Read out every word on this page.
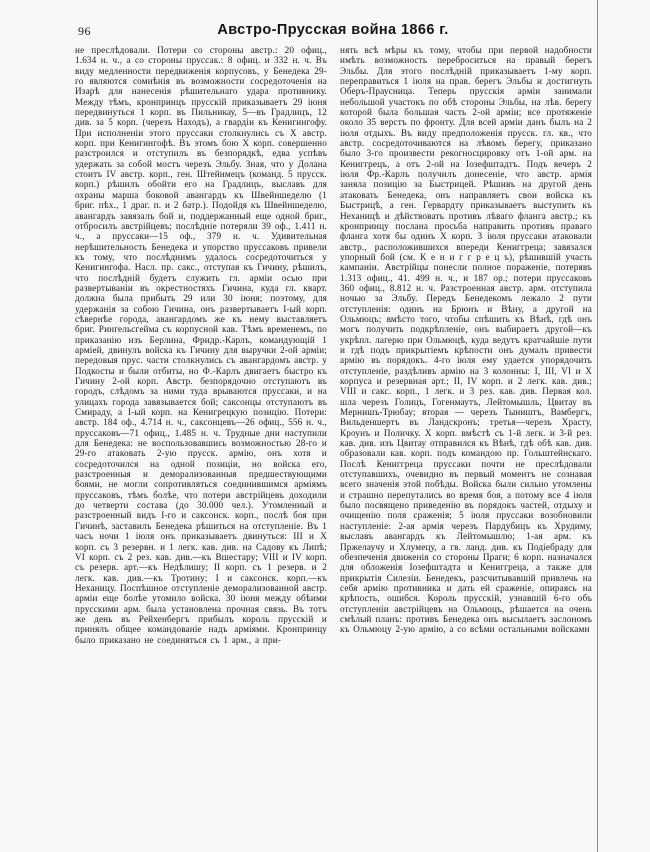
96	Австро-Прусская война 1866 г.
не преслѣдовали. Потери со стороны австр.: 20 офиц., 1.634 н. ч., а со стороны пруссак.: 8 офиц. и 332 н. ч. Въ виду медленности передвиженія корпусовъ, у Бенедека 29-го являются сомнѣнія въ возможности сосредоточенія на Изарѣ для нанесенія рѣшительнаго удара противнику. Между тѣмъ, кронпринцъ прусскій приказываетъ 29 іюня передвинуться 1 корп. въ Пильникау, 5—въ Градлицъ, 12 див. за 5 корп. (черезъ Находъ), а гвардіи къ Кенигингофу. При исполненіи этого пруссаки столкнулись съ X австр. корп. при Кенигингофѣ. Въ этомъ бою X корп. совершенно разстроился и отступилъ въ безпорядкѣ, едва успѣвъ удержать за собой мостъ черезъ Эльбу. Зная, что у Долана стоитъ IV австр. корп., ген. Штейнмецъ (команд. 5 прусск. корп.) рѣшилъ обойти его на Градлицъ, выславъ для охраны марша боковой авангардъ къ Швейншеделю (1 бриг. пѣх., 1 драг. п. и 2 батр.). Подойдя къ Швейншеделю, авангардъ завязалъ бой и, поддержанный еще одной бриг., отбросилъ австрійцевъ; послѣдніе потеряли 39 оф., 1.411 н. ч., а пруссаки—15 оф., 379 н. ч. Удивительная нерѣшительность Бенедека и упорство пруссаковъ привели къ тому, что послѣднимъ удалось сосредоточиться у Кенигингофа. Насл. пр. сакс., отступая къ Гичину, рѣшилъ, что послѣдній будетъ служить гл. арміи осью при развертываніи въ окрестностяхъ Гичина, куда гл. кварт. должна была прибыть 29 или 30 іюня; поэтому, для удержанія за собою Гичина, онъ развертываетъ I-ый корп. сѣвернѣе города, авангардомъ же къ нему выставляетъ бриг. Рингельсгейма съ корпусной кав. Тѣмъ временемъ, по приказанію изъ Берлина, Фридр.-Карлъ, командующій 1 арміей, двинулъ войска къ Гичину для выручки 2-ой арміи; передовыя прус. части столкнулись съ авангардомъ австр. у Подкосты и были отбиты, но Ф.-Карлъ двигаетъ быстро къ Гичину 2-ой корп. Австр. безпорядочно отступаютъ въ городъ, слѣдомъ за ними туда врываются пруссаки, и на улицахъ города завязывается бой; саксонцы отступаютъ въ Смираду, а I-ый корп. на Кенигрецкую позицію. Потери: австр. 184 оф., 4.714 н. ч., саксонцевъ—26 офиц., 556 н. ч., пруссаковъ—71 офиц., 1.485 н. ч. Трудные дни наступили для Бенедека: не воспользовавшись возможностью 28-го и 29-го атаковать 2-ую прусск. армію, онъ хотя и сосредоточился на одной позиціи, но войска его, разстроенныя и деморализованныя предшествующими боями, не могли сопротивляться соединившимся арміямъ пруссаковъ, тѣмъ болѣе, что потери австрійцевъ доходили до четверти состава (до 30.000 чел.). Утомленный и разстроенный видъ I-го и саксонск. корп., послѣ боя при Гичинѣ, заставилъ Бенедека рѣшиться на отступленіе. Въ 1 часъ ночи 1 іюля онъ приказываетъ двинуться: III и X корп. съ 3 резервн. и 1 легк. кав. див. на Садову къ Липѣ; VI корп. съ 2 рез. кав. див.—къ Вшестару; VIII и IV корп. съ резерв. арт.—къ Недѣлишу; II корп. съ 1 резерв. и 2 легк. кав. див.—къ Тротину; I и саксонск. корп.—къ Неханицу. Поспѣшное отступленіе деморализованной австр. арміи еще болѣе утомило войска. 30 іюня между обѣими прусскими арм. была установлена прочная связь. Въ тотъ же день въ Рейхенбергъ прибылъ король прусскій и принялъ общее командованіе надъ арміями. Кронпринцу было приказано не соединяться съ 1 арм., а при-
нять всѣ мѣры къ тому, чтобы при первой надобности имѣть возможность переброситься на правый берегъ Эльбы. Для этого послѣдній приказываетъ 1-му корп. переправиться 1 іюля на прав. берегъ Эльбы и достигнуть Оберъ-Праусница. Теперь прусскія арміи занимали небольшой участокъ по обѣ стороны Эльбы, на лѣв. берегу которой была большая часть 2-ой арміи; все протяженіе около 35 верстъ по фронту. Для всей арміи данъ былъ на 2 іюля отдыхъ. Въ виду предположенія прусск. гл. кв., что австр. сосредоточиваются на лѣвомъ берегу, приказано было 3-го произвести рекогносцировку отъ 1-ой арм. на Кениггрецъ, а отъ 2-ой на Іозефштадтъ. Подъ вечеръ 2 іюля Фр.-Карлъ получилъ донесеніе, что австр. армія заняла позицію за Быстрицей. Рѣшивъ на другой день атаковать Бенедека, онъ направляетъ свои войска къ Быстрицѣ, а ген. Гервардту приказываетъ выступить къ Неханицѣ и дѣйствовать противъ лѣваго фланга австр.; къ кронпринцу послана просьба направить противъ праваго фланга хотя бы одинъ X корп. 3 іюля пруссаки атаковали австр., расположившихся впереди Кениггреца; завязался упорный бой (см. К е н и г г р е ц ъ), рѣшившій участь кампаніи. Австрійцы понесли полное пораженіе, потерявъ 1.313 офиц., 41. 499 н. ч., и 187 ор.; потери пруссаковъ 360 офиц., 8.812 н. ч. Разстроенная австр. арм. отступила ночью за Эльбу. Передъ Бенедекомъ лежало 2 пути отступленія: одинъ на Брюнъ и Вѣну, а другой на Ольмюцъ; вмѣсто того, чтобы спѣшить къ Вѣнѣ, гдѣ онъ могъ получить подкрѣпленіе, онъ выбираетъ другой—къ укрѣпл. лагерю при Ольмюцѣ, куда ведутъ кратчайшіе пути и гдѣ подъ прикрытіемъ крѣпости онъ думалъ привести армію въ порядокъ. 4-го іюля ему удается упорядочить отступленіе, раздѣливъ армію на 3 колонны: I, III, VI и X корпуса и резервная арт.; II, IV корп. и 2 легк. кав. див.; VIII и сакс. корп., 1 легк. и 3 рез. кав. див. Первая кол. шла черезъ Голицъ, Гогенмаутъ, Лейтомышль, Цвитау въ Мернишъ-Трюбау; вторая — черезъ Тыништъ, Вамбергъ, Вильденшертъ въ Ландскронъ; третья—черезъ Храсту, Кроунъ и Поличку. X корп. вмѣстѣ съ 1-й легк. и 3-й рез. кав. див. изъ Цвитау отправился къ Вѣнѣ, гдѣ обѣ кав. див. образовали кав. корп. подъ командою пр. Гольштейнскаго. Послѣ Кениггреца пруссаки почти не преслѣдовали отступавшихъ, очевидно въ первый моментъ не сознавая всего значенія этой побѣды. Войска были сильно утомлены и страшно перепутались во время боя, а потому все 4 іюля было посвящено приведенію въ порядокъ частей, отдыху и очищенію поля сраженія; 5 іюля пруссаки возобновили наступленіе: 2-ая армія черезъ Пардубицъ къ Хрудиму, выславъ авангардъ къ Лейтомышлю; 1-ая арм. къ Пржелаучу и Хлумецу, а гв. ланд. див. къ Подіебраду для обезпеченія движенія со стороны Праги; 6 корп. назначался для обложенія Іозефштадта и Кениггреца, а также для прикрытія Силезіи. Бенедекъ, разсчитывавшій привлечь на себя армію противника и дать ей сраженіе, опираясь на крѣпость, ошибся. Король прусскій, узнавшій 6-го объ отступленіи австрійцевъ на Ольмюцъ, рѣшается на очень смѣлый планъ: противъ Бенедека онъ высылаетъ заслономъ къ Ольмюцу 2-ую армію, а со всѣми остальными войсками
